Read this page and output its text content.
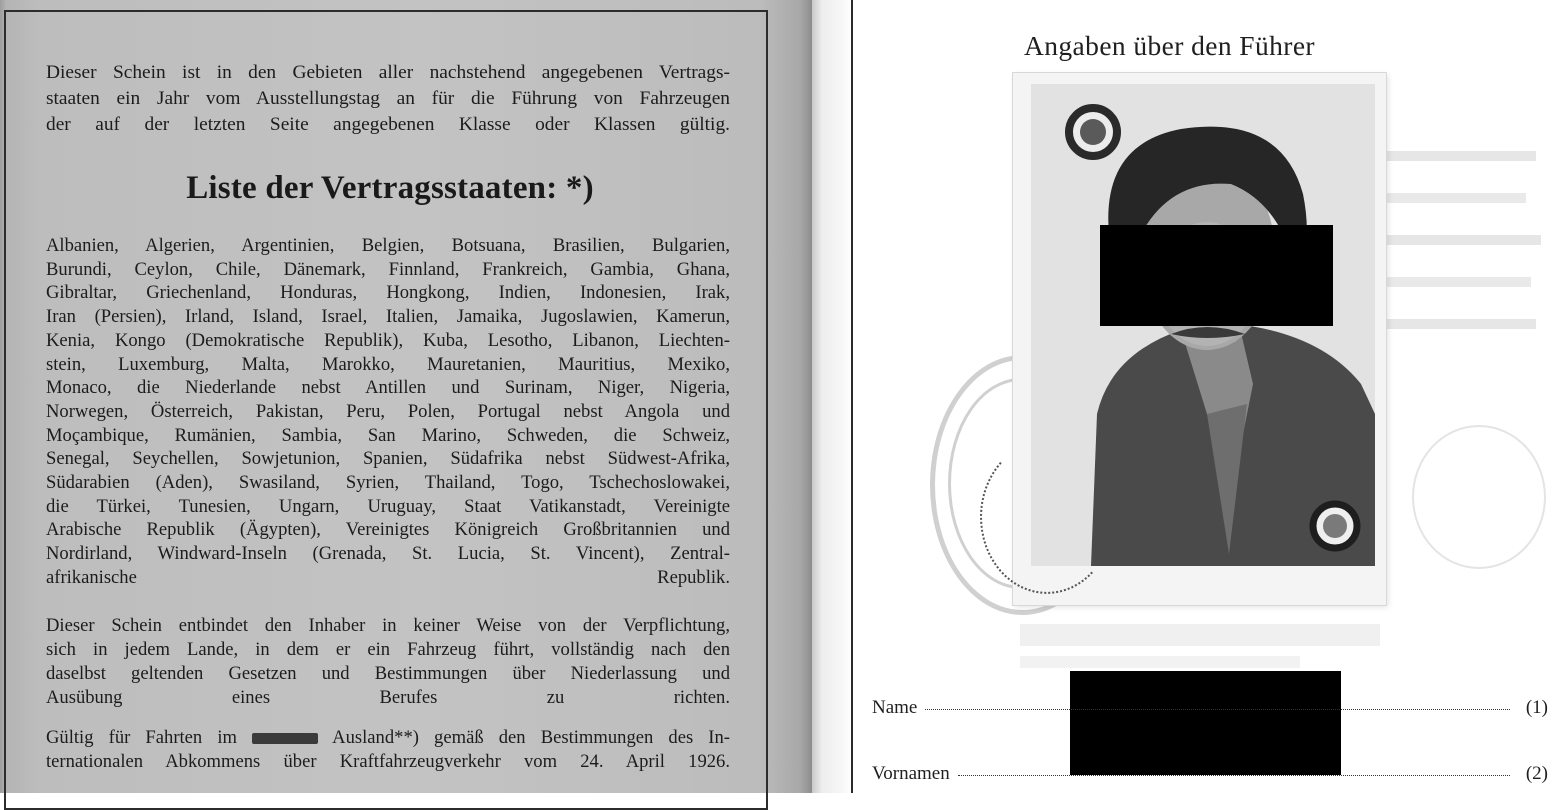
Dieser Schein ist in den Gebieten aller nachstehend angegebenen Vertrags-
staaten ein Jahr vom Ausstellungstag an für die Führung von Fahrzeugen
der auf der letzten Seite angegebenen Klasse oder Klassen gültig.

Liste der Vertragsstaaten: *)

Albanien, Algerien, Argentinien, Belgien, Botsuana, Brasilien, Bulgarien,
Burundi, Ceylon, Chile, Dänemark, Finnland, Frankreich, Gambia, Ghana,
Gibraltar, Griechenland, Honduras, Hongkong, Indien, Indonesien, Irak,
Iran (Persien), Irland, Island, Israel, Italien, Jamaika, Jugoslawien, Kamerun,
Kenia, Kongo (Demokratische Republik), Kuba, Lesotho, Libanon, Liechten-
stein, Luxemburg, Malta, Marokko, Mauretanien, Mauritius, Mexiko,
Monaco, die Niederlande nebst Antillen und Surinam, Niger, Nigeria,
Norwegen, Österreich, Pakistan, Peru, Polen, Portugal nebst Angola und
Moçambique, Rumänien, Sambia, San Marino, Schweden, die Schweiz,
Senegal, Seychellen, Sowjetunion, Spanien, Südafrika nebst Südwest-Afrika,
Südarabien (Aden), Swasiland, Syrien, Thailand, Togo, Tschechoslowakei,
die Türkei, Tunesien, Ungarn, Uruguay, Staat Vatikanstadt, Vereinigte
Arabische Republik (Ägypten), Vereinigtes Königreich Großbritannien und
Nordirland, Windward-Inseln (Grenada, St. Lucia, St. Vincent), Zentral-
afrikanische Republik.

Dieser Schein entbindet den Inhaber in keiner Weise von der Verpflichtung,
sich in jedem Lande, in dem er ein Fahrzeug führt, vollständig nach den
daselbst geltenden Gesetzen und Bestimmungen über Niederlassung und
Ausübung eines Berufes zu richten.

Gültig für Fahrten im	Ausland**) gemäß den Bestimmungen des In-
ternationalen Abkommens über Kraftfahrzeugverkehr vom 24. April 1926.

Angaben über den Führer
Name	(1)
Vornamen	(2)
